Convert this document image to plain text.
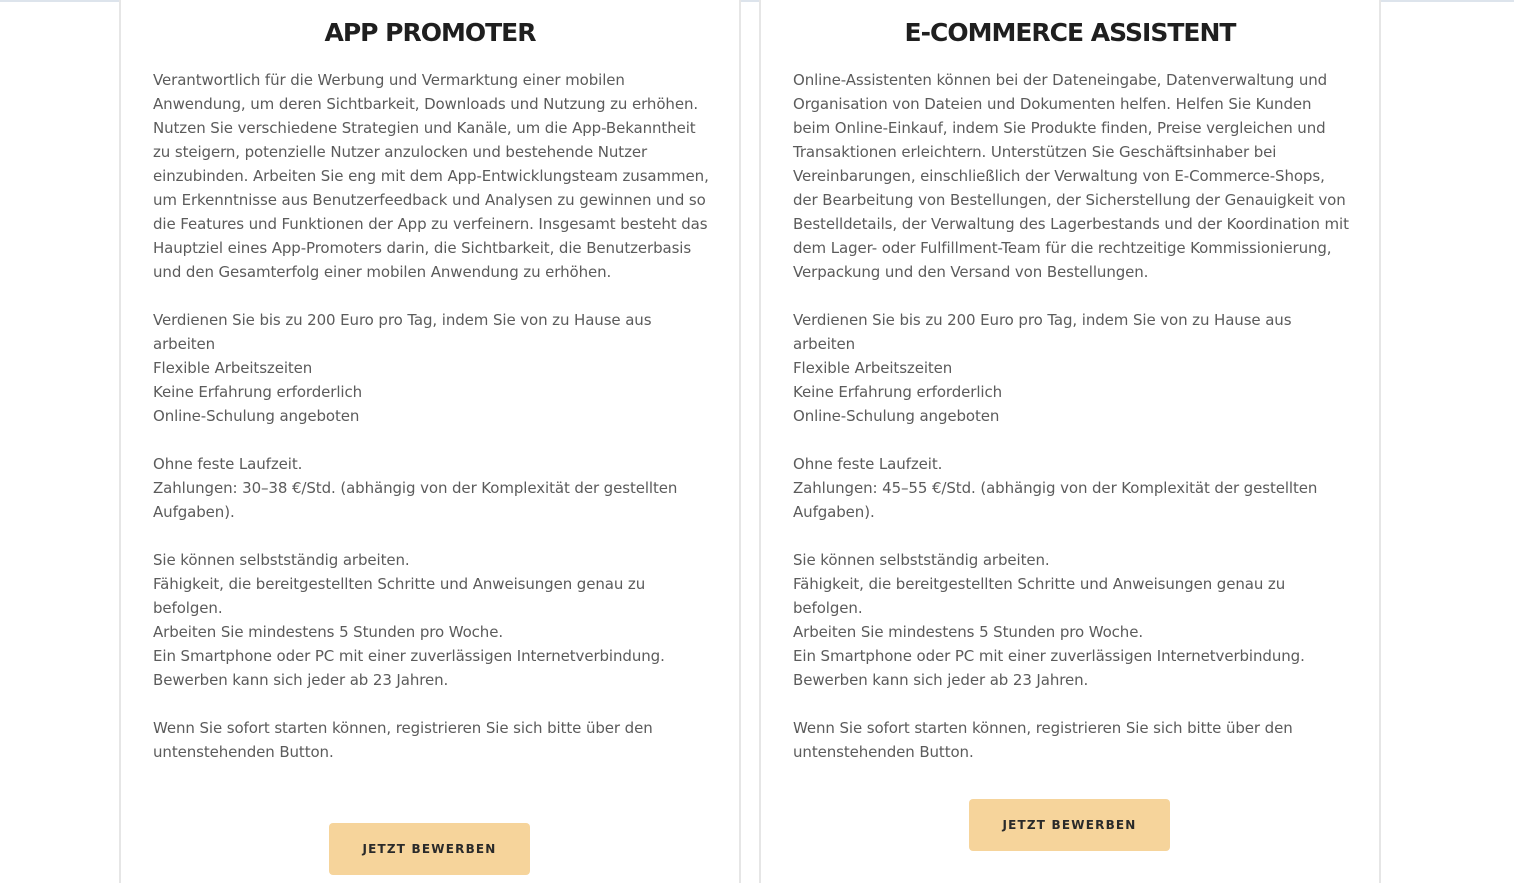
APP PROMOTER

Verantwortlich für die Werbung und Vermarktung einer mobilen Anwendung, um deren Sichtbarkeit, Downloads und Nutzung zu erhöhen. Nutzen Sie verschiedene Strategien und Kanäle, um die App-Bekanntheit zu steigern, potenzielle Nutzer anzulocken und bestehende Nutzer einzubinden. Arbeiten Sie eng mit dem App-Entwicklungsteam zusammen, um Erkenntnisse aus Benutzerfeedback und Analysen zu gewinnen und so die Features und Funktionen der App zu verfeinern. Insgesamt besteht das Hauptziel eines App-Promoters darin, die Sichtbarkeit, die Benutzerbasis und den Gesamterfolg einer mobilen Anwendung zu erhöhen.

Verdienen Sie bis zu 200 Euro pro Tag, indem Sie von zu Hause aus arbeiten
Flexible Arbeitszeiten
Keine Erfahrung erforderlich
Online-Schulung angeboten

Ohne feste Laufzeit.
Zahlungen: 30–38 €/Std. (abhängig von der Komplexität der gestellten Aufgaben).

Sie können selbstständig arbeiten.
Fähigkeit, die bereitgestellten Schritte und Anweisungen genau zu befolgen.
Arbeiten Sie mindestens 5 Stunden pro Woche.
Ein Smartphone oder PC mit einer zuverlässigen Internetverbindung.
Bewerben kann sich jeder ab 23 Jahren.

Wenn Sie sofort starten können, registrieren Sie sich bitte über den untenstehenden Button.

JETZT BEWERBEN
E-COMMERCE ASSISTENT

Online-Assistenten können bei der Dateneingabe, Datenverwaltung und Organisation von Dateien und Dokumenten helfen. Helfen Sie Kunden beim Online-Einkauf, indem Sie Produkte finden, Preise vergleichen und Transaktionen erleichtern. Unterstützen Sie Geschäftsinhaber bei Vereinbarungen, einschließlich der Verwaltung von E-Commerce-Shops, der Bearbeitung von Bestellungen, der Sicherstellung der Genauigkeit von Bestelldetails, der Verwaltung des Lagerbestands und der Koordination mit dem Lager- oder Fulfillment-Team für die rechtzeitige Kommissionierung, Verpackung und den Versand von Bestellungen.

Verdienen Sie bis zu 200 Euro pro Tag, indem Sie von zu Hause aus arbeiten
Flexible Arbeitszeiten
Keine Erfahrung erforderlich
Online-Schulung angeboten

Ohne feste Laufzeit.
Zahlungen: 45–55 €/Std. (abhängig von der Komplexität der gestellten Aufgaben).

Sie können selbstständig arbeiten.
Fähigkeit, die bereitgestellten Schritte und Anweisungen genau zu befolgen.
Arbeiten Sie mindestens 5 Stunden pro Woche.
Ein Smartphone oder PC mit einer zuverlässigen Internetverbindung.
Bewerben kann sich jeder ab 23 Jahren.

Wenn Sie sofort starten können, registrieren Sie sich bitte über den untenstehenden Button.

JETZT BEWERBEN
